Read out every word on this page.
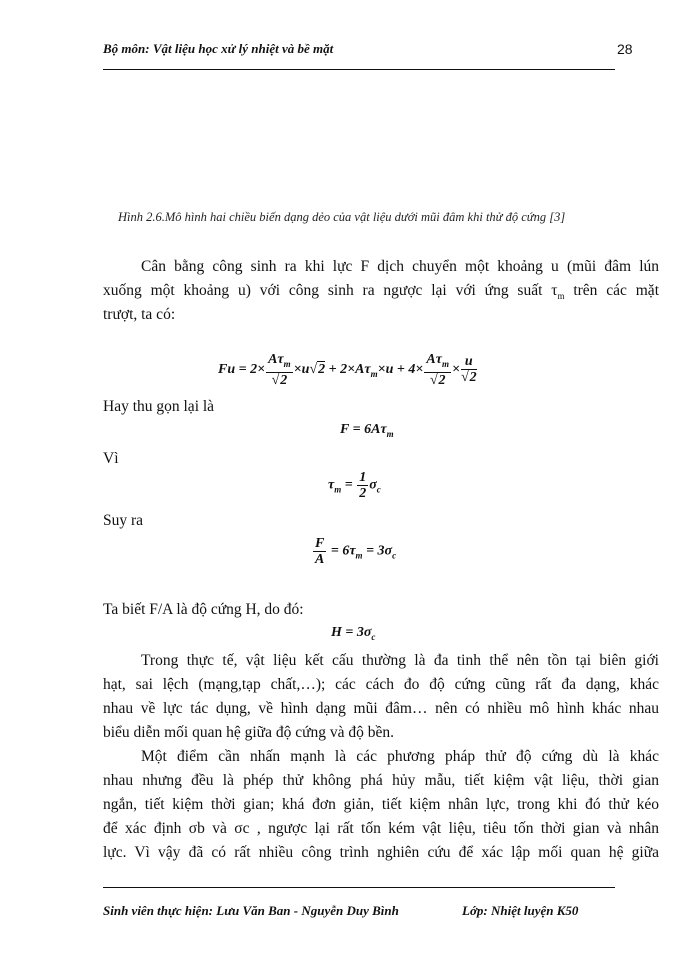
Bộ môn: Vật liệu học xử lý nhiệt và bề mặt	28
Hình 2.6.Mô hình hai chiều biến dạng dẻo của vật liệu dưới mũi đâm khi thử độ cứng [3]
Cân bằng công sinh ra khi lực F dịch chuyển một khoảng u (mũi đâm lún
xuống một khoảng u) với công sinh ra ngược lại với ứng suất $\tau_m$ trên các mặt
trượt, ta có:
$Fu = 2\times \frac{A\tau_m}{√2} \times u√2 + 2\times A\tau_m\times u + 4\times \frac{A\tau_m}{√2} \times \frac{u}{√2}$
Hay thu gọn lại là
$F = 6A\tau_m$
Vì
$\tau_m = \frac{1}{2} \sigma_c$
Suy ra
$\frac{F}{A} = 6\tau_m = 3\sigma_c$
Ta biết F/A là độ cứng H, do đó:
$H = 3\sigma_c$
Trong thực tế, vật liệu kết cấu thường là đa tinh thể nên tồn tại biên giới
hạt, sai lệch (mạng,tạp chất,…); các cách đo độ cứng cũng rất đa dạng, khác
nhau về lực tác dụng, về hình dạng mũi đâm… nên có nhiều mô hình khác nhau
biểu diễn mối quan hệ giữa độ cứng và độ bền.
Một điểm cần nhấn mạnh là các phương pháp thử độ cứng dù là khác
nhau nhưng đều là phép thử không phá hủy mẫu, tiết kiệm vật liệu, thời gian
ngắn, tiết kiệm thời gian; khá đơn giản, tiết kiệm nhân lực, trong khi đó thử kéo
để xác định σb và σc , ngược lại rất tốn kém vật liệu, tiêu tốn thời gian và nhân
lực. Vì vậy đã có rất nhiều công trình nghiên cứu để xác lập mối quan hệ giữa
Sinh viên thực hiện: Lưu Văn Ban - Nguyễn Duy Bình	Lớp: Nhiệt luyện K50
